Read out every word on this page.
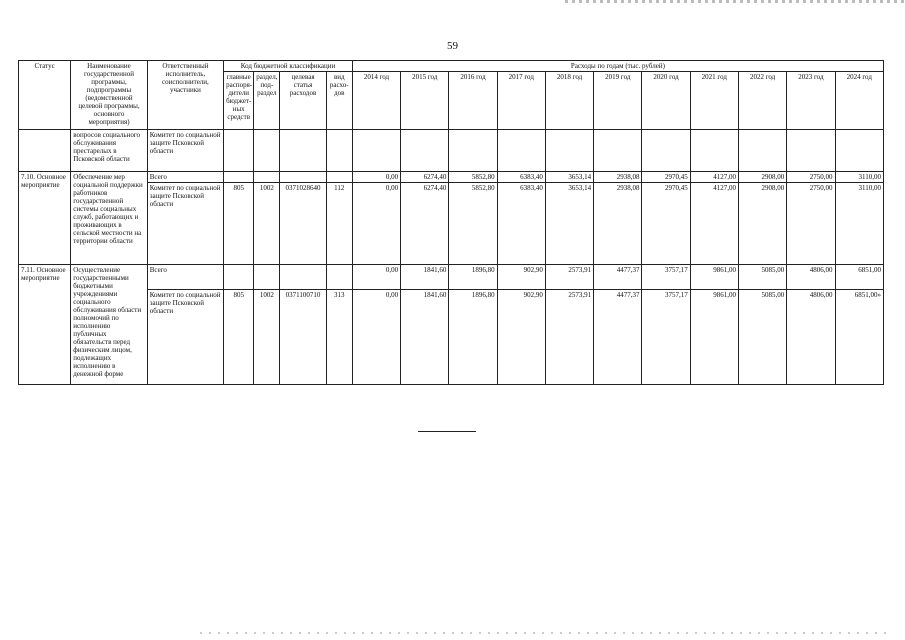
59
Статус	Наименование государственной программы, подпрограммы (ведомственной целевой программы, основного мероприятия)	Ответственный исполнитель, соисполнители, участники	Код бюджетной классификации				Расходы по годам (тыс. рублей)										
			главные распоря-дители бюджет-ных средств	раздел, под-раздел	целевая статья расходов	вид расхо-дов	2014 год	2015 год	2016 год	2017 год	2018 год	2019 год	2020 год	2021 год	2022 год	2023 год	2024 год
	вопросов социального обслуживания престарелых в Псковской области	Комитет по социальной защите Псковской области															
7.10. Основное мероприятие	Обеспечение мер социальной поддержки работников государственной системы социальных служб, работающих и проживающих в сельской местности на территории области	Всего					0,00	6274,40	5852,80	6383,40	3653,14	2938,08	2970,45	4127,00	2908,00	2750,00	3110,00
		Комитет по социальной защите Псковской области	805	1002	0371028640	112	0,00	6274,40	5852,80	6383,40	3653,14	2938,08	2970,45	4127,00	2908,00	2750,00	3110,00
7.11. Основное мероприятие	Осуществление государственными бюджетными учреждениями социального обслуживания области полномочий по исполнению публичных обязательств перед физическим лицом, подлежащих исполнению в денежной форме	Всего					0,00	1841,60	1896,80	902,90	2573,91	4477,37	3757,17	9861,00	5085,00	4806,00	6851,00
		Комитет по социальной защите Псковской области	805	1002	0371100710	313	0,00	1841,60	1896,80	902,90	2573,91	4477,37	3757,17	9861,00	5085,00	4806,00	6851,00»
